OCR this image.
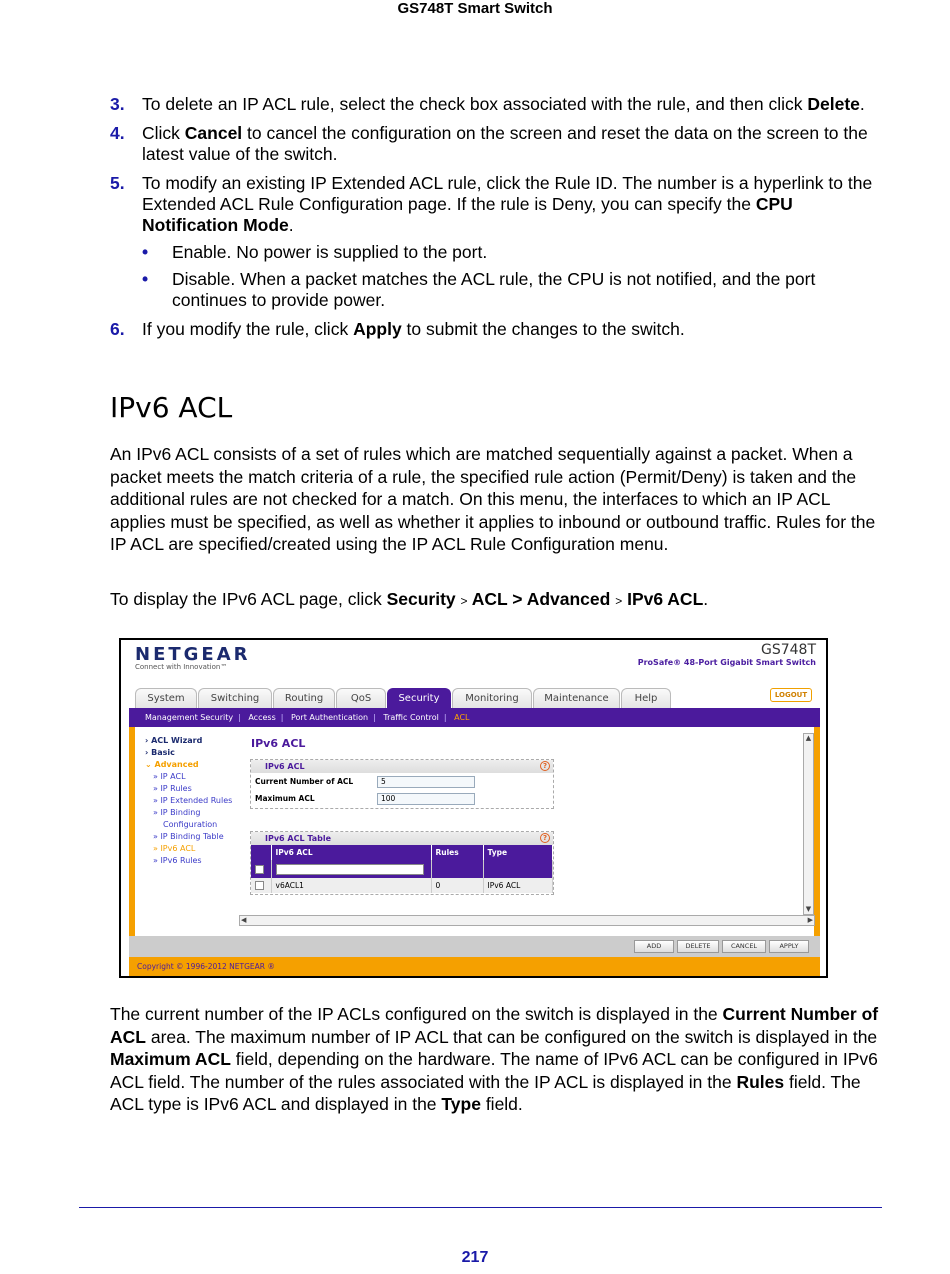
GS748T Smart Switch
3. To delete an IP ACL rule, select the check box associated with the rule, and then click Delete.
4. Click Cancel to cancel the configuration on the screen and reset the data on the screen to the latest value of the switch.
5. To modify an existing IP Extended ACL rule, click the Rule ID. The number is a hyperlink to the Extended ACL Rule Configuration page. If the rule is Deny, you can specify the CPU Notification Mode.
• Enable. No power is supplied to the port.
• Disable. When a packet matches the ACL rule, the CPU is not notified, and the port continues to provide power.
6. If you modify the rule, click Apply to submit the changes to the switch.
IPv6 ACL
An IPv6 ACL consists of a set of rules which are matched sequentially against a packet. When a packet meets the match criteria of a rule, the specified rule action (Permit/Deny) is taken and the additional rules are not checked for a match. On this menu, the interfaces to which an IP ACL applies must be specified, as well as whether it applies to inbound or outbound traffic. Rules for the IP ACL are specified/created using the IP ACL Rule Configuration menu.
To display the IPv6 ACL page, click Security > ACL > Advanced > IPv6 ACL.
NETGEAR
Connect with Innovation™
GS748T
ProSafe® 48-Port Gigabit Smart Switch
System	Switching	Routing	QoS	Security	Monitoring	Maintenance	Help	LOGOUT
Management Security | Access | Port Authentication | Traffic Control | ACL
› ACL Wizard
› Basic
⌄ Advanced
» IP ACL
» IP Rules
» IP Extended Rules
» IP Binding
Configuration
» IP Binding Table
» IPv6 ACL
» IPv6 Rules
IPv6 ACL
IPv6 ACL	?
Current Number of ACL	5
Maximum ACL	100
IPv6 ACL Table	?
	IPv6 ACL	Rules	Type

	v6ACL1	0	IPv6 ACL
◀	▶
▲
▼
ADD	DELETE	CANCEL	APPLY
Copyright © 1996-2012 NETGEAR ®
The current number of the IP ACLs configured on the switch is displayed in the Current Number of ACL area. The maximum number of IP ACL that can be configured on the switch is displayed in the Maximum ACL field, depending on the hardware. The name of IPv6 ACL can be configured in IPv6 ACL field. The number of the rules associated with the IP ACL is displayed in the Rules field. The ACL type is IPv6 ACL and displayed in the Type field.
217
